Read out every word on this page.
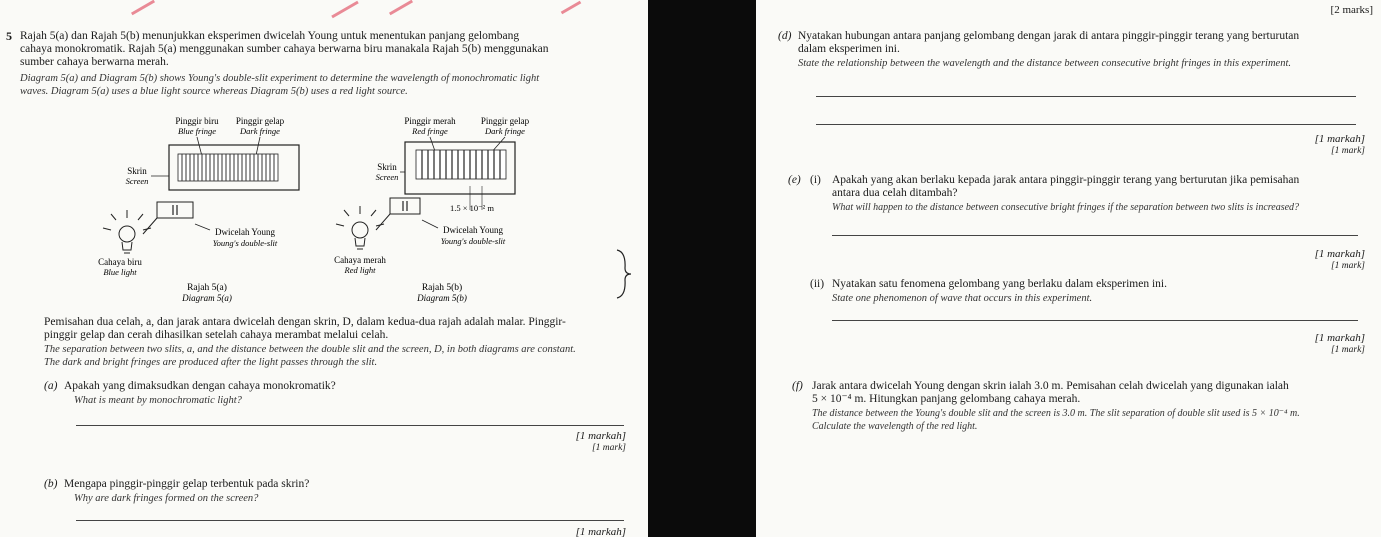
5 Rajah 5(a) dan Rajah 5(b) menunjukkan eksperimen dwicelah Young untuk menentukan panjang gelombang
cahaya monokromatik. Rajah 5(a) menggunakan sumber cahaya berwarna biru manakala Rajah 5(b) menggunakan
sumber cahaya berwarna merah.
Diagram 5(a) and Diagram 5(b) shows Young's double-slit experiment to determine the wavelength of monochromatic light
waves. Diagram 5(a) uses a blue light source whereas Diagram 5(b) uses a red light source.
Pinggir biru
Blue fringe
Pinggir gelap
Dark fringe
Skrin
Screen
Dwicelah Young
Young's double-slit
Cahaya biru
Blue light
Rajah 5(a)
Diagram 5(a)
Pinggir merah
Red fringe
Pinggir gelap
Dark fringe
Skrin
Screen
1.5 × 10⁻² m
Dwicelah Young
Young's double-slit
Cahaya merah
Red light
Rajah 5(b)
Diagram 5(b)
Pemisahan dua celah, a, dan jarak antara dwicelah dengan skrin, D, dalam kedua-dua rajah adalah malar. Pinggir-
pinggir gelap dan cerah dihasilkan setelah cahaya merambat melalui celah.
The separation between two slits, a, and the distance between the double slit and the screen, D, in both diagrams are constant.
The dark and bright fringes are produced after the light passes through the slit.
(a) Apakah yang dimaksudkan dengan cahaya monokromatik?
What is meant by monochromatic light?
[1 markah]
[1 mark]
(b) Mengapa pinggir-pinggir gelap terbentuk pada skrin?
Why are dark fringes formed on the screen?
[1 markah]
[2 marks]
(d) Nyatakan hubungan antara panjang gelombang dengan jarak di antara pinggir-pinggir terang yang berturutan
dalam eksperimen ini.
State the relationship between the wavelength and the distance between consecutive bright fringes in this experiment.
[1 markah]
[1 mark]
(e) (i) Apakah yang akan berlaku kepada jarak antara pinggir-pinggir terang yang berturutan jika pemisahan
antara dua celah ditambah?
What will happen to the distance between consecutive bright fringes if the separation between two slits is increased?
[1 markah]
[1 mark]
(ii) Nyatakan satu fenomena gelombang yang berlaku dalam eksperimen ini.
State one phenomenon of wave that occurs in this experiment.
[1 markah]
[1 mark]
(f) Jarak antara dwicelah Young dengan skrin ialah 3.0 m. Pemisahan celah dwicelah yang digunakan ialah
5 × 10⁻⁴ m. Hitungkan panjang gelombang cahaya merah.
The distance between the Young's double slit and the screen is 3.0 m. The slit separation of double slit used is 5 × 10⁻⁴ m.
Calculate the wavelength of the red light.
